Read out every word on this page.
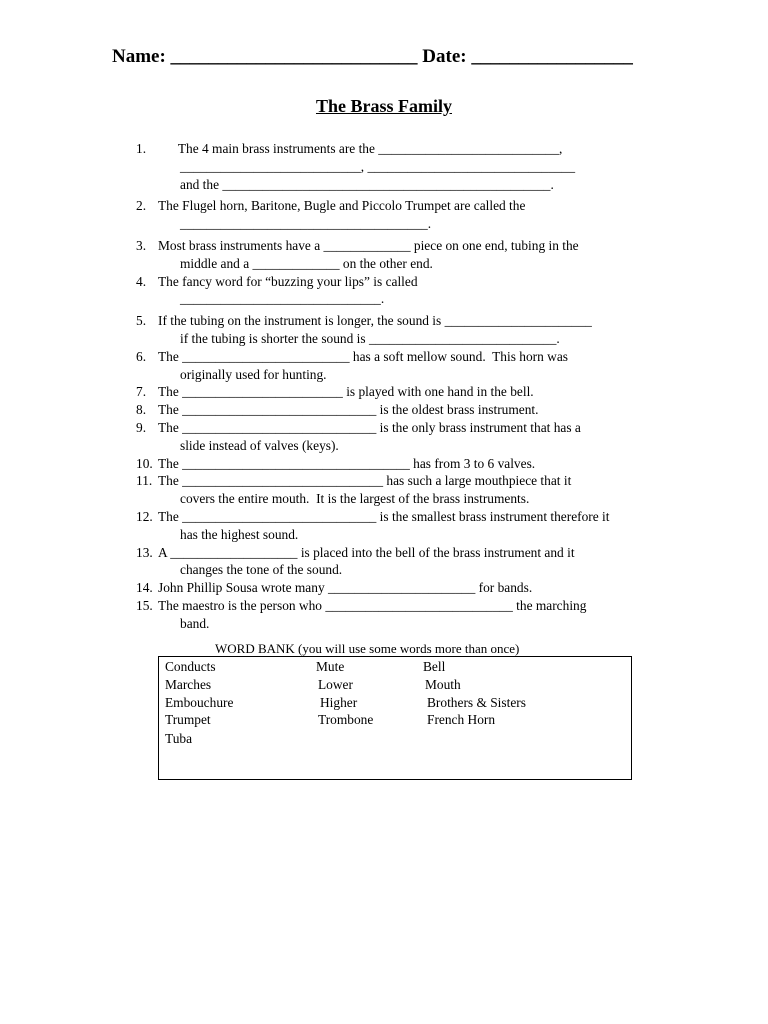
Name: __________________________ Date: _________________
The Brass Family
1. The 4 main brass instruments are the ___________________________,
___________________________, _______________________________
and the _________________________________________________.
2. The Flugel horn, Baritone, Bugle and Piccolo Trumpet are called the
_____________________________________.
3. Most brass instruments have a _____________ piece on one end, tubing in the
middle and a _____________ on the other end.
4. The fancy word for “buzzing your lips” is called
______________________________.
5. If the tubing on the instrument is longer, the sound is ______________________
if the tubing is shorter the sound is ____________________________.
6. The _________________________ has a soft mellow sound.  This horn was
originally used for hunting.
7. The ________________________ is played with one hand in the bell.
8. The _____________________________ is the oldest brass instrument.
9. The _____________________________ is the only brass instrument that has a
slide instead of valves (keys).
10. The __________________________________ has from 3 to 6 valves.
11. The ______________________________ has such a large mouthpiece that it
covers the entire mouth.  It is the largest of the brass instruments.
12. The _____________________________ is the smallest brass instrument therefore it
has the highest sound.
13. A ___________________ is placed into the bell of the brass instrument and it
changes the tone of the sound.
14. John Phillip Sousa wrote many ______________________ for bands.
15. The maestro is the person who ____________________________ the marching
band.
WORD BANK (you will use some words more than once)
Conducts	Mute	Bell
Marches	Lower	Mouth
Embouchure	Higher	Brothers & Sisters
Trumpet	Trombone	French Horn
Tuba
